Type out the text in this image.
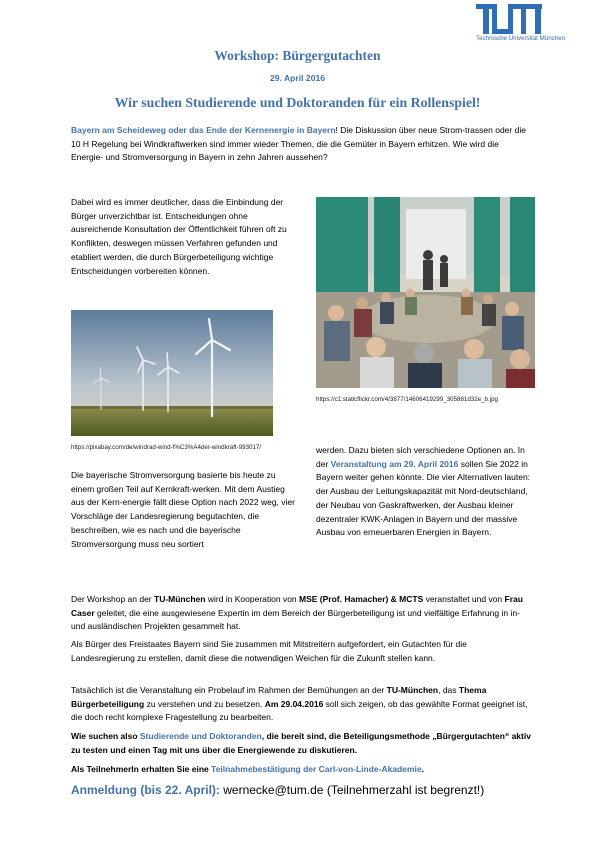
Technische Universität München
Workshop: Bürgergutachten
29. April 2016
Wir suchen Studierende und Doktoranden für ein Rollenspiel!
Bayern am Scheideweg oder das Ende der Kernenergie in Bayern! Die Diskussion über neue Strom-trassen oder die 10 H Regelung bei Windkraftwerken sind immer wieder Themen, die die Gemüter in Bayern erhitzen. Wie wird die Energie- und Stromversorgung in Bayern in zehn Jahren aussehen?
Dabei wird es immer deutlicher, dass die Einbindung der Bürger unverzichtbar ist. Entscheidungen ohne ausreichende Konsultation der Öffentlichkeit führen oft zu Konflikten, deswegen müssen Verfahren gefunden und etabliert werden, die durch Bürgerbeteiligung wichtige Entscheidungen vorbereiten können.
https://pixabay.com/de/windrad-wind-f%C3%A4der-windkraft-993017/
https://c1.staticflickr.com/4/3877/14606419299_305881d32e_b.jpg
Die bayerische Stromversorgung basierte bis heute zu einem großen Teil auf Kernkraft-werken. Mit dem Austieg aus der Kern-energie fällt diese Option nach 2022 weg, vier Vorschläge der Landesregierung begutachten, die beschreiben, wie es nach und die bayerische Stromversorgung muss neu sortiert
werden. Dazu bieten sich verschiedene Optionen an. In der Veranstaltung am 29. April 2016 sollen Sie 2022 in Bayern weiter gehen könnte. Die vier Alternativen lauten: der Ausbau der Leitungskapazität mit Nord-deutschland, der Neubau von Gaskraftwerken, der Ausbau kleiner dezentraler KWK-Anlagen in Bayern und der massive Ausbau von erneuerbaren Energien in Bayern.
Der Workshop an der TU-München wird in Kooperation von MSE (Prof. Hamacher) & MCTS veranstaltet und von Frau Caser geleitet, die eine ausgewiesene Expertin im dem Bereich der Bürgerbeteiligung ist und vielfältige Erfahrung in in- und ausländischen Projekten gesammelt hat.
Als Bürger des Freistaates Bayern sind Sie zusammen mit Mitstreitern aufgefordert, ein Gutachten für die Landesregierung zu erstellen, damit diese die notwendigen Weichen für die Zukunft stellen kann.
Tatsächlich ist die Veranstaltung ein Probelauf im Rahmen der Bemühungen an der TU-München, das Thema Bürgerbeteiligung zu verstehen und zu besetzen. Am 29.04.2016 soll sich zeigen, ob das gewählte Format geeignet ist, die doch recht komplexe Fragestellung zu bearbeiten.
Wie suchen also Studierende und Doktoranden, die bereit sind, die Beteiligungsmethode „Bürgergutachten“ aktiv zu testen und einen Tag mit uns über die Energiewende zu diskutieren.
Als TeilnehmerIn erhalten Sie eine Teilnahmebestätigung der Carl-von-Linde-Akademie.
Anmeldung (bis 22. April): wernecke@tum.de (Teilnehmerzahl ist begrenzt!)
